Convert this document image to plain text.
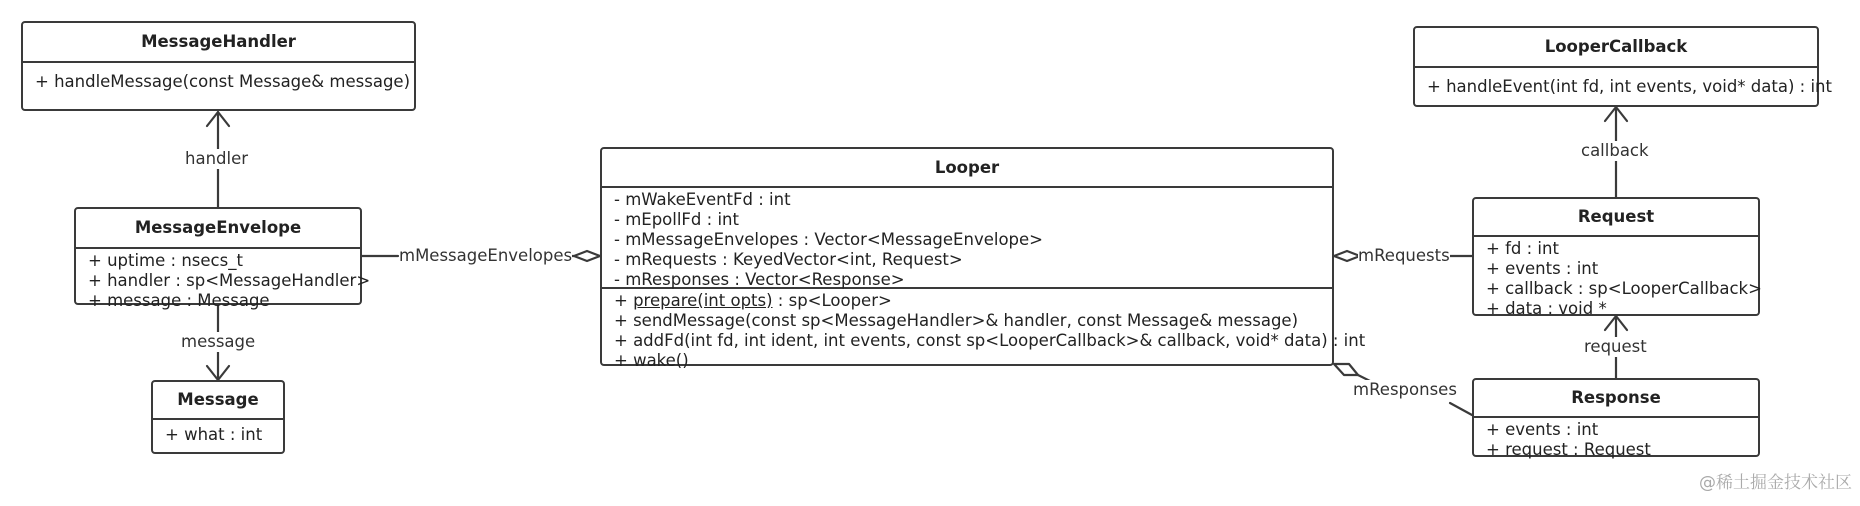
MessageHandler
+ handleMessage(const Message& message)
MessageEnvelope
+ uptime : nsecs_t
+ handler : sp<MessageHandler>
+ message : Message
Message
+ what : int
Looper
- mWakeEventFd : int
- mEpollFd : int
- mMessageEnvelopes : Vector<MessageEnvelope>
- mRequests : KeyedVector<int, Request>
- mResponses : Vector<Response>
+ prepare(int opts) : sp<Looper>
+ sendMessage(const sp<MessageHandler>& handler, const Message& message)
+ addFd(int fd, int ident, int events, const sp<LooperCallback>& callback, void* data) : int
+ wake()
LooperCallback
+ handleEvent(int fd, int events, void* data) : int
Request
+ fd : int
+ events : int
+ callback : sp<LooperCallback>
+ data : void *
Response
+ events : int
+ request : Request
handler
message
mMessageEnvelopes	mRequests
mResponses
callback
request
@稀土掘金技术社区
